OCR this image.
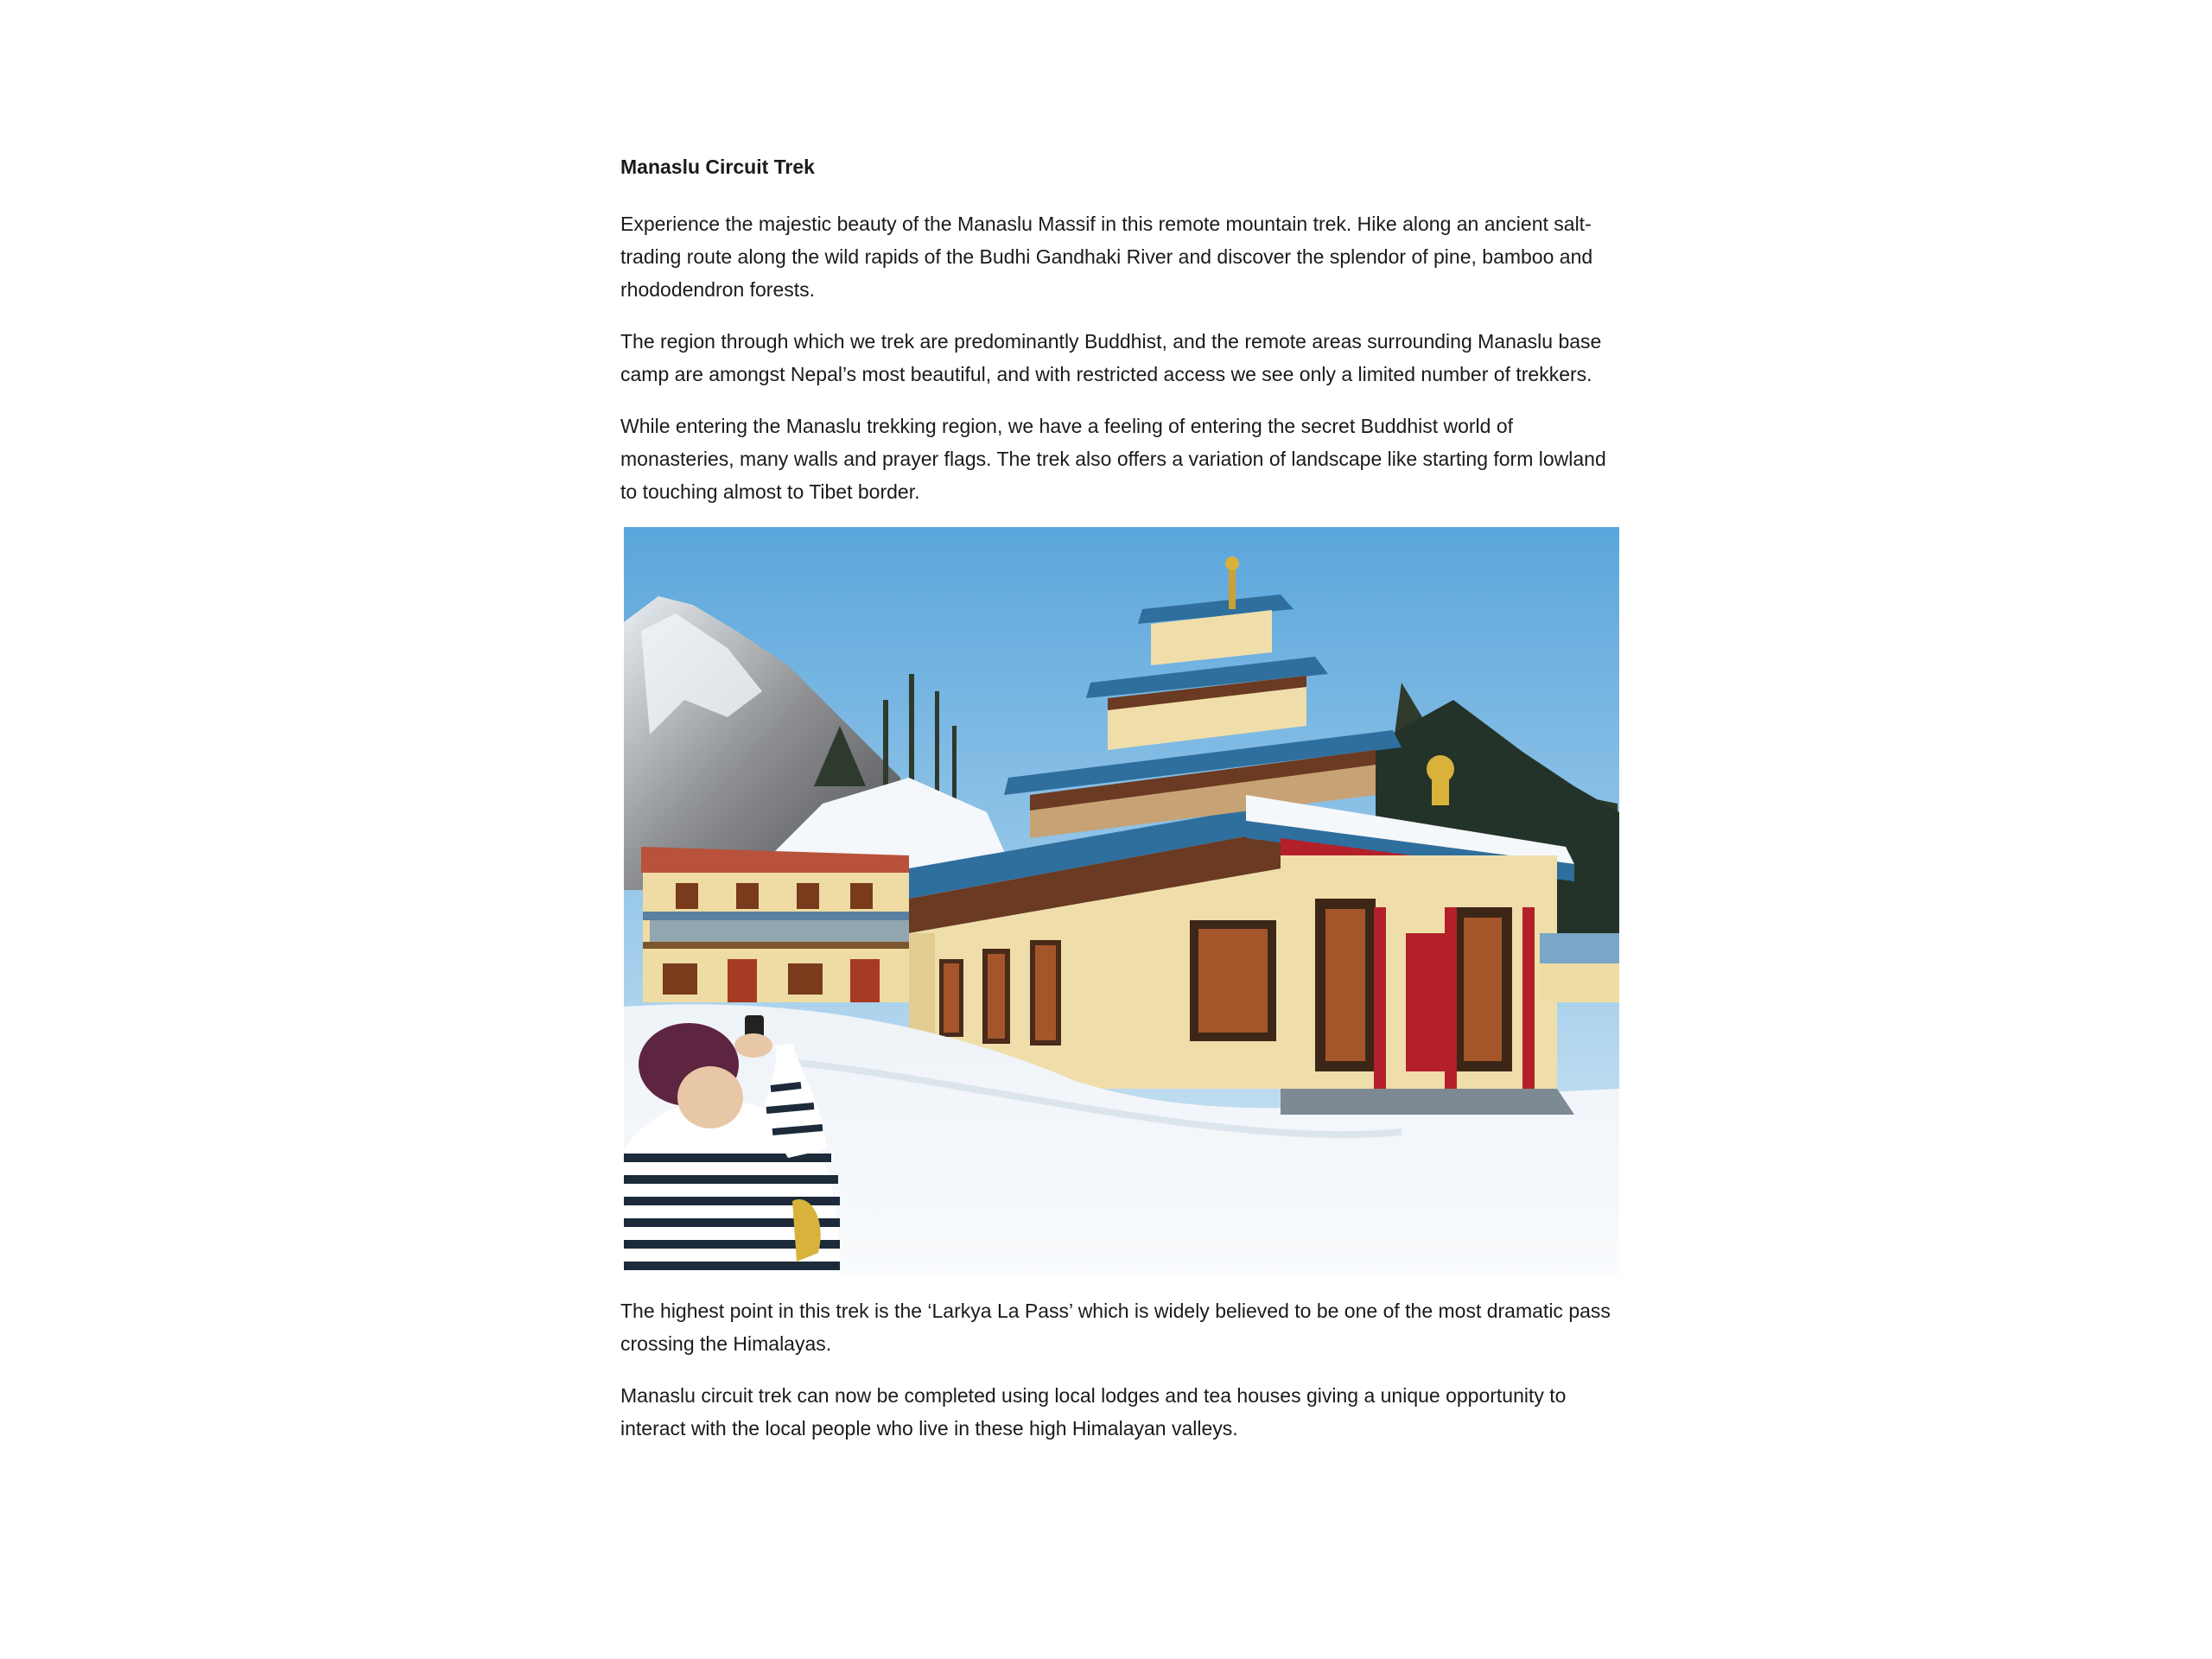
Manaslu Circuit Trek

Experience the majestic beauty of the Manaslu Massif in this remote mountain trek. Hike along an ancient salt-trading route along the wild rapids of the Budhi Gandhaki River and discover the splendor of pine, bamboo and rhododendron forests.

The region through which we trek are predominantly Buddhist, and the remote areas surrounding Manaslu base camp are amongst Nepal’s most beautiful, and with restricted access we see only a limited number of trekkers.

While entering the Manaslu trekking region, we have a feeling of entering the secret Buddhist world of monasteries, many walls and prayer flags. The trek also offers a variation of landscape like starting form lowland to touching almost to Tibet border.

The highest point in this trek is the ‘Larkya La Pass’ which is widely believed to be one of the most dramatic pass crossing the Himalayas.

Manaslu circuit trek can now be completed using local lodges and tea houses giving a unique opportunity to interact with the local people who live in these high Himalayan valleys.
